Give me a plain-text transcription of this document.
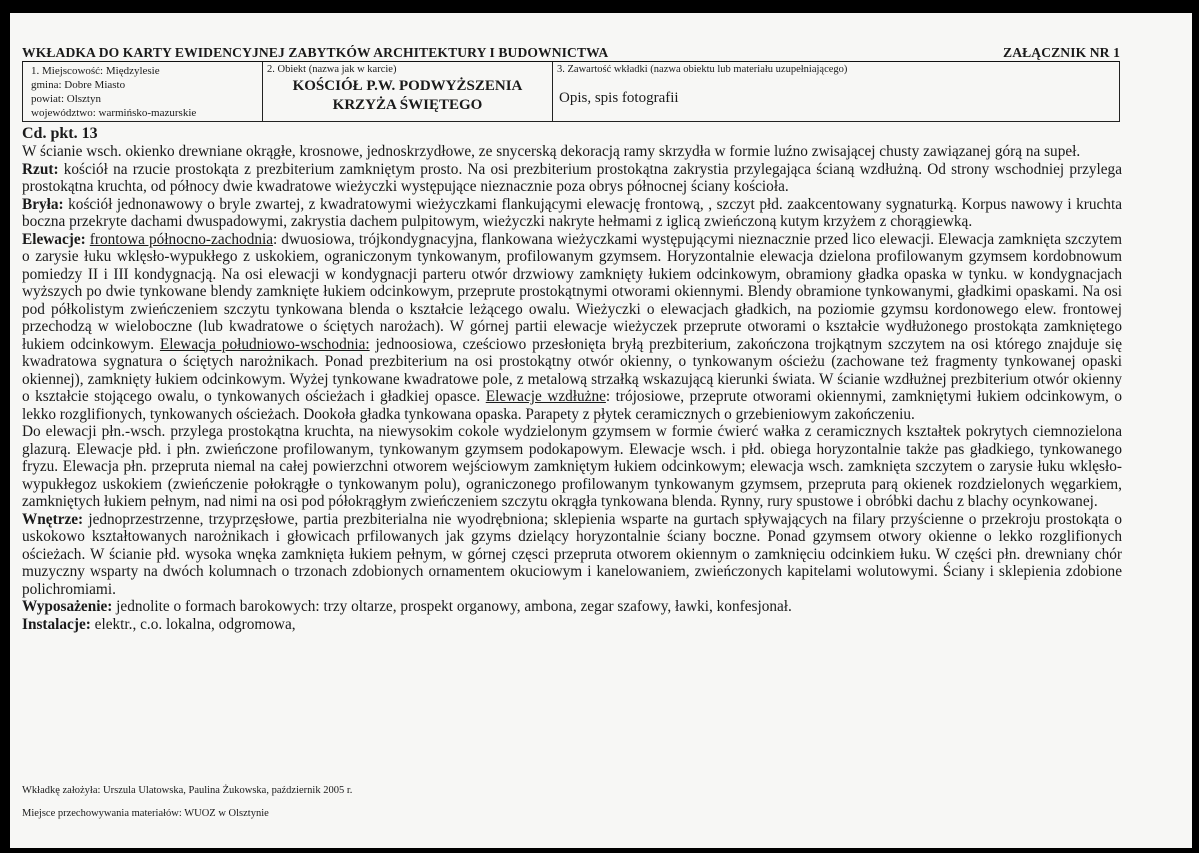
WKŁADKA DO KARTY EWIDENCYJNEJ ZABYTKÓW ARCHITEKTURY I BUDOWNICTWA	ZAŁĄCZNIK NR 1
1. Miejscowość: Międzylesie
gmina: Dobre Miasto
powiat: Olsztyn
województwo: warmińsko-mazurskie
2. Obiekt (nazwa jak w karcie)
KOŚCIÓŁ P.W. PODWYŻSZENIA
KRZYŻA ŚWIĘTEGO
3. Zawartość wkładki (nazwa obiektu lub materiału uzupełniającego)
Opis, spis fotografii

Cd. pkt. 13

W ścianie wsch. okienko drewniane okrągłe, krosnowe, jednoskrzydłowe, ze snycerską dekoracją ramy skrzydła w formie luźno zwisającej chusty zawiązanej górą na supeł.

Rzut: kościół na rzucie prostokąta z prezbiterium zamkniętym prosto. Na osi prezbiterium prostokątna zakrystia przylegająca ścianą wzdłużną. Od strony wschodniej przylega prostokątna kruchta, od północy dwie kwadratowe wieżyczki występujące nieznacznie poza obrys północnej ściany kościoła.

Bryła: kościół jednonawowy o bryle zwartej, z kwadratowymi wieżyczkami flankującymi elewację frontową, , szczyt płd. zaakcentowany sygnaturką. Korpus nawowy i kruchta boczna przekryte dachami dwuspadowymi, zakrystia dachem pulpitowym, wieżyczki nakryte hełmami z iglicą zwieńczoną kutym krzyżem z chorągiewką.

Elewacje: frontowa północno-zachodnia: dwuosiowa, trójkondygnacyjna, flankowana wieżyczkami występującymi nieznacznie przed lico elewacji. Elewacja zamknięta szczytem o zarysie łuku wklęsło-wypukłego z uskokiem, ograniczonym tynkowanym, profilowanym gzymsem. Horyzontalnie elewacja dzielona profilowanym gzymsem kordobnowum pomiedzy II i III kondygnacją. Na osi elewacji w kondygnacji parteru otwór drzwiowy zamknięty łukiem odcinkowym, obramiony gładka opaska w tynku. w kondygnacjach wyższych po dwie tynkowane blendy zamknięte łukiem odcinkowym, przeprute prostokątnymi otworami okiennymi. Blendy obramione tynkowanymi, gładkimi opaskami. Na osi pod półkolistym zwieńczeniem szczytu tynkowana blenda o kształcie leżącego owalu. Wieżyczki o elewacjach gładkich, na poziomie gzymsu kordonowego elew. frontowej przechodzą w wieloboczne (lub kwadratowe o ściętych narożach). W górnej partii elewacje wieżyczek przeprute otworami o kształcie wydłużonego prostokąta zamkniętego łukiem odcinkowym. Elewacja południowo-wschodnia: jednoosiowa, cześciowo przesłonięta bryłą prezbiterium, zakończona trojkątnym szczytem na osi którego znajduje się kwadratowa sygnatura o ściętych narożnikach. Ponad prezbiterium na osi prostokątny otwór okienny, o tynkowanym ościeżu (zachowane też fragmenty tynkowanej opaski okiennej), zamknięty łukiem odcinkowym. Wyżej tynkowane kwadratowe pole, z metalową strzałką wskazującą kierunki świata. W ścianie wzdłużnej prezbiterium otwór okienny o kształcie stojącego owalu, o tynkowanych ościeżach i gładkiej opasce. Elewacje wzdłużne: trójosiowe, przeprute otworami okiennymi, zamkniętymi łukiem odcinkowym, o lekko rozglifionych, tynkowanych ościeżach. Dookoła gładka tynkowana opaska. Parapety z płytek ceramicznych o grzebieniowym zakończeniu.

Do elewacji płn.-wsch. przylega prostokątna kruchta, na niewysokim cokole wydzielonym gzymsem w formie ćwierć wałka z ceramicznych kształtek pokrytych ciemnozielona glazurą. Elewacje płd. i płn. zwieńczone profilowanym, tynkowanym gzymsem podokapowym. Elewacje wsch. i płd. obiega horyzontalnie także pas gładkiego, tynkowanego fryzu. Elewacja płn. przepruta niemal na całej powierzchni otworem wejściowym zamkniętym łukiem odcinkowym; elewacja wsch. zamknięta szczytem o zarysie łuku wklęsło-wypukłegoz uskokiem (zwieńczenie połokrągłe o tynkowanym polu), ograniczonego profilowanym tynkowanym gzymsem, przepruta parą okienek rozdzielonych węgarkiem, zamkniętych łukiem pełnym, nad nimi na osi pod półokrągłym zwieńczeniem szczytu okrągła tynkowana blenda. Rynny, rury spustowe i obróbki dachu z blachy ocynkowanej.

Wnętrze: jednoprzestrzenne, trzyprzęsłowe, partia prezbiterialna nie wyodrębniona; sklepienia wsparte na gurtach spływających na filary przyścienne o przekroju prostokąta o uskokowo kształtowanych narożnikach i głowicach prfilowanych jak gzyms dzielący horyzontalnie ściany boczne. Ponad gzymsem otwory okienne o lekko rozglifionych ościeżach. W ścianie płd. wysoka wnęka zamknięta łukiem pełnym, w górnej częsci przepruta otworem okiennym o zamknięciu odcinkiem łuku. W części płn. drewniany chór muzyczny wsparty na dwóch kolumnach o trzonach zdobionych ornamentem okuciowym i kanelowaniem, zwieńczonych kapitelami wolutowymi. Ściany i sklepienia zdobione polichromiami.

Wyposażenie: jednolite o formach barokowych: trzy oltarze, prospekt organowy, ambona, zegar szafowy, ławki, konfesjonał.

Instalacje: elektr., c.o. lokalna, odgromowa,

Wkładkę założyła: Urszula Ulatowska, Paulina Żukowska, październik 2005 r.
Miejsce przechowywania materiałów: WUOZ w Olsztynie
